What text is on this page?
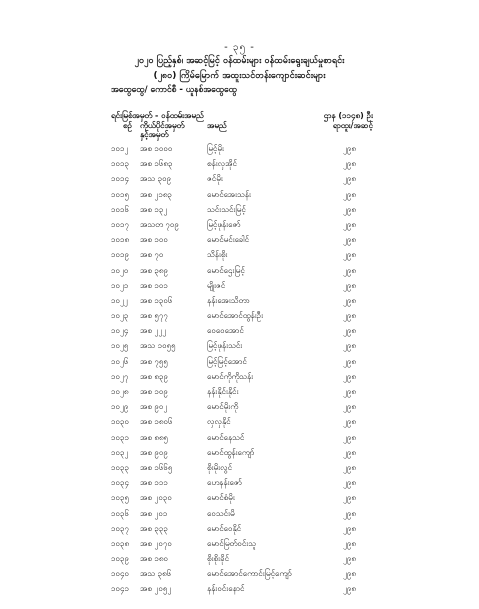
- ၃၅ -
၂၀၂၀ ပြည့်နှစ်၊ အဆင့်မြင့် ဝန်ထမ်းများ ဝန်ထမ်းရွေးချယ်မှုစာရင်း
(၂၈၀) ကြိမ်မြောက် အထူးသင်တန်းကျောင်းဆင်းများ
အထွေထွေ/ ကောင်စီ - ယူနစ်အထွေထွေ
ရင်းမြစ်အမှတ် - ဝန်ထမ်းအမည်	ဌာန (၁၁၄၈) ဦး
စဉ် ကိုယ်ပိုင်အမှတ်	အမည်	ရာထူး/အဆင့်
နှင့်အမှတ်
၁၀၁၂	အစ ၁၀၀၀	မြင့်မိုး	၂၉၈
၁၀၁၃	အစ ၁၆၈၃	စန်းလှအိုင်	၂၉၈
၁၀၁၄	အသ ၃၀၉	ဇင်မိုး	၂၉၈
၁၀၁၅	အစ ၂၁၈၃	မောင်အေးသန်း	၂၉၈
၁၀၁၆	အစ ၁၃၂	သင်းသင်းမြင့်	၂၉၈
၁၀၁၇	အသတ ၇၀၉	မြင့်ဖုန်းဇော်	၂၉၈
၁၀၁၈	အစ ၁၀၀	မောင်မင်းခေါင်	၂၉၈
၁၀၁၉	အစ ၇၀	သိန်းစိုး	၂၉၈
၁၀၂၀	အစ ၃၈၉	မောင်ဌေးမြင့်	၂၉၈
၁၀၂၁	အစ ၁၀၁	မျိုးဇင်	၂၉၈
၁၀၂၂	အစ ၁၃၀၆	နန်းအေးသိတာ	၂၉၈
၁၀၂၃	အစ ၅၇၇	မောင်အောင်ထွန်းဦး	၂၉၈
၁၀၂၄	အစ ၂၂၂	ဝေဝေအောင်	၂၉၈
၁၀၂၅	အသ ၁၀၅၅	မြင့်ဖုန်းသင်း	၂၉၈
၁၀၂၆	အစ ၇၅၅	မြင့်မြင့်အောင်	၂၉၈
၁၀၂၇	အစ ၈၃၉	မောင်ကိုကိုသန်း	၂၉၈
၁၀၂၈	အစ ၁၀၉	နန်းနိုင်းနိုင်း	၂၉၈
၁၀၂၉	အစ ၉၀၂	မောင်မိုးကို	၂၉၈
၁၀၃၀	အစ ၁၈၀၆	လှလှနိုင်	၂၉၈
၁၀၃၁	အစ ၈၈၅	မောင်နေသင်	၂၉၈
၁၀၃၂	အစ ၉၀၉	မောင်ထွန်းကျော်	၂၉၈
၁၀၃၃	အစ ၁၆၆၅	စိုးမိုးလွင်	၂၉၈
၁၀၃၄	အစ ၁၁၁	ဟေနန်းဇော်	၂၉၈
၁၀၃၅	အစ ၂၀၃၀	မောင်စံမိုး	၂၉၈
၁၀၃၆	အစ ၂၀၁	ဝေသင်းမိ	၂၉၈
၁၀၃၇	အစ ၃၃၃	မောင်ဝေနိုင်	၂၉၈
၁၀၃၈	အစ ၂၀၇၀	မောင်မြတ်ဝင်းသူ	၂၉၈
၁၀၃၉	အစ ၁၈၀	စိုးစိုးခိုင်	၂၉၈
၁၀၄၀	အသ ၃၈၆	မောင်အောင်ကောင်းမြင့်ကျော်	၂၉၈
၁၀၄၁	အစ ၂၀၅၂	နန်းဝင်းနောင်	၂၉၈
